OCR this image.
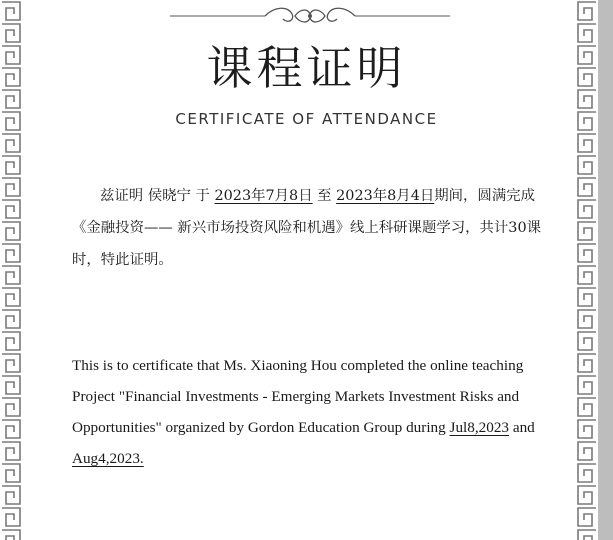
课程证明
CERTIFICATE OF ATTENDANCE
兹证明 侯晓宁 于 2023年7月8日 至 2023年8月4日期间，圆满完成《金融投资—— 新兴市场投资风险和机遇》线上科研课题学习，共计30课时，特此证明。
This is to certificate that Ms. Xiaoning Hou completed the online teaching Project "Financial Investments - Emerging Markets Investment Risks and Opportunities" organized by Gordon Education Group during Jul8,2023 and Aug4,2023.
